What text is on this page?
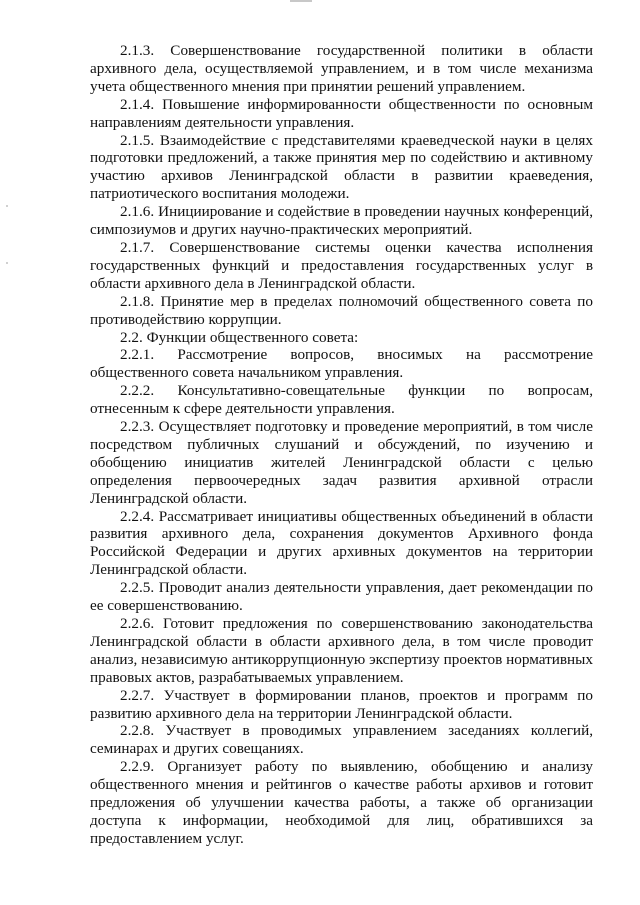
2.1.3. Совершенствование государственной политики в области архивного дела, осуществляемой управлением, и в том числе механизма учета общественного мнения при принятии решений управлением.

2.1.4. Повышение информированности общественности по основным направлениям деятельности управления.

2.1.5. Взаимодействие с представителями краеведческой науки в целях подготовки предложений, а также принятия мер по содействию и активному участию архивов Ленинградской области в развитии краеведения, патриотического воспитания молодежи.

2.1.6. Инициирование и содействие в проведении научных конференций, симпозиумов и других научно-практических мероприятий.

2.1.7. Совершенствование системы оценки качества исполнения государственных функций и предоставления государственных услуг в области архивного дела в Ленинградской области.

2.1.8. Принятие мер в пределах полномочий общественного совета по противодействию коррупции.

2.2. Функции общественного совета:

2.2.1. Рассмотрение вопросов, вносимых на рассмотрение общественного совета начальником управления.

2.2.2. Консультативно-совещательные функции по вопросам, отнесенным к сфере деятельности управления.

2.2.3. Осуществляет подготовку и проведение мероприятий, в том числе посредством публичных слушаний и обсуждений, по изучению и обобщению инициатив жителей Ленинградской области с целью определения первоочередных задач развития архивной отрасли Ленинградской области.

2.2.4. Рассматривает инициативы общественных объединений в области развития архивного дела, сохранения документов Архивного фонда Российской Федерации и других архивных документов на территории Ленинградской области.

2.2.5. Проводит анализ деятельности управления, дает рекомендации по ее совершенствованию.

2.2.6. Готовит предложения по совершенствованию законодательства Ленинградской области в области архивного дела, в том числе проводит анализ, независимую антикоррупционную экспертизу проектов нормативных правовых актов, разрабатываемых управлением.

2.2.7. Участвует в формировании планов, проектов и программ по развитию архивного дела на территории Ленинградской области.

2.2.8. Участвует в проводимых управлением заседаниях коллегий, семинарах и других совещаниях.

2.2.9. Организует работу по выявлению, обобщению и анализу общественного мнения и рейтингов о качестве работы архивов и готовит предложения об улучшении качества работы, а также об организации доступа к информации, необходимой для лиц, обратившихся за предоставлением услуг.
